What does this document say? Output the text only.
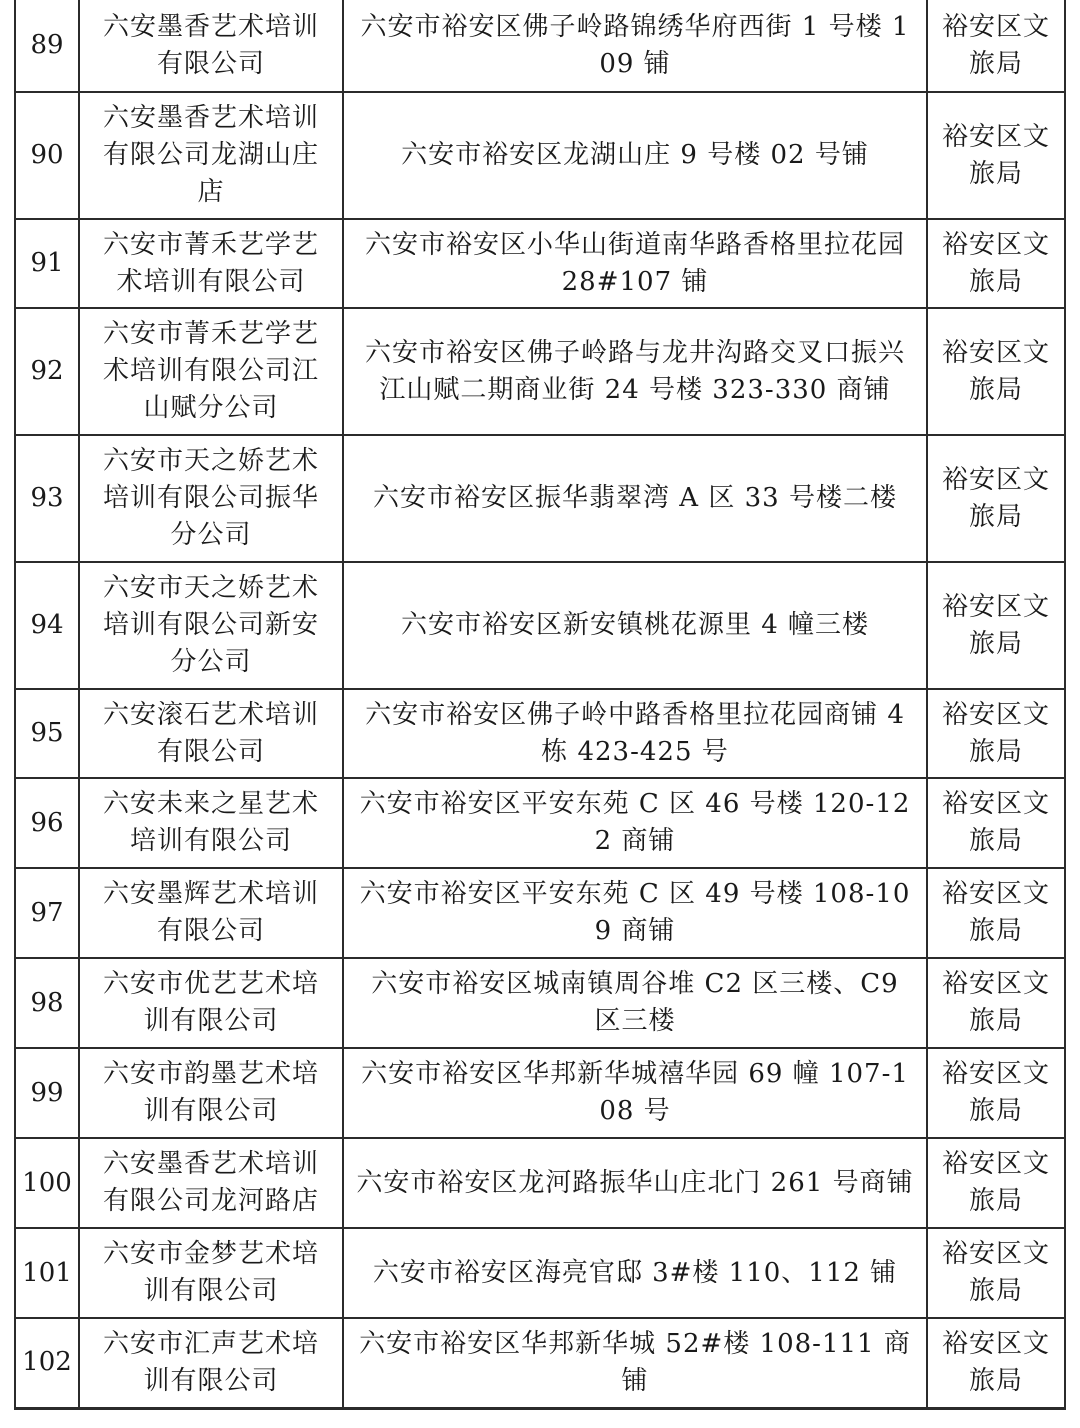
89	六安墨香艺术培训有限公司	六安市裕安区佛子岭路锦绣华府西街 1 号楼 109 铺	裕安区文旅局
90	六安墨香艺术培训有限公司龙湖山庄店	六安市裕安区龙湖山庄 9 号楼 02 号铺	裕安区文旅局
91	六安市菁禾艺学艺术培训有限公司	六安市裕安区小华山街道南华路香格里拉花园 28#107 铺	裕安区文旅局
92	六安市菁禾艺学艺术培训有限公司江山赋分公司	六安市裕安区佛子岭路与龙井沟路交叉口振兴江山赋二期商业街 24 号楼 323-330 商铺	裕安区文旅局
93	六安市天之娇艺术培训有限公司振华分公司	六安市裕安区振华翡翠湾 A 区 33 号楼二楼	裕安区文旅局
94	六安市天之娇艺术培训有限公司新安分公司	六安市裕安区新安镇桃花源里 4 幢三楼	裕安区文旅局
95	六安滚石艺术培训有限公司	六安市裕安区佛子岭中路香格里拉花园商铺 4 栋 423-425 号	裕安区文旅局
96	六安未来之星艺术培训有限公司	六安市裕安区平安东苑 C 区 46 号楼 120-122 商铺	裕安区文旅局
97	六安墨辉艺术培训有限公司	六安市裕安区平安东苑 C 区 49 号楼 108-109 商铺	裕安区文旅局
98	六安市优艺艺术培训有限公司	六安市裕安区城南镇周谷堆 C2 区三楼、C9 区三楼	裕安区文旅局
99	六安市韵墨艺术培训有限公司	六安市裕安区华邦新华城禧华园 69 幢 107-108 号	裕安区文旅局
100	六安墨香艺术培训有限公司龙河路店	六安市裕安区龙河路振华山庄北门 261 号商铺	裕安区文旅局
101	六安市金梦艺术培训有限公司	六安市裕安区海亮官邸 3#楼 110、112 铺	裕安区文旅局
102	六安市汇声艺术培训有限公司	六安市裕安区华邦新华城 52#楼 108-111 商铺	裕安区文旅局
